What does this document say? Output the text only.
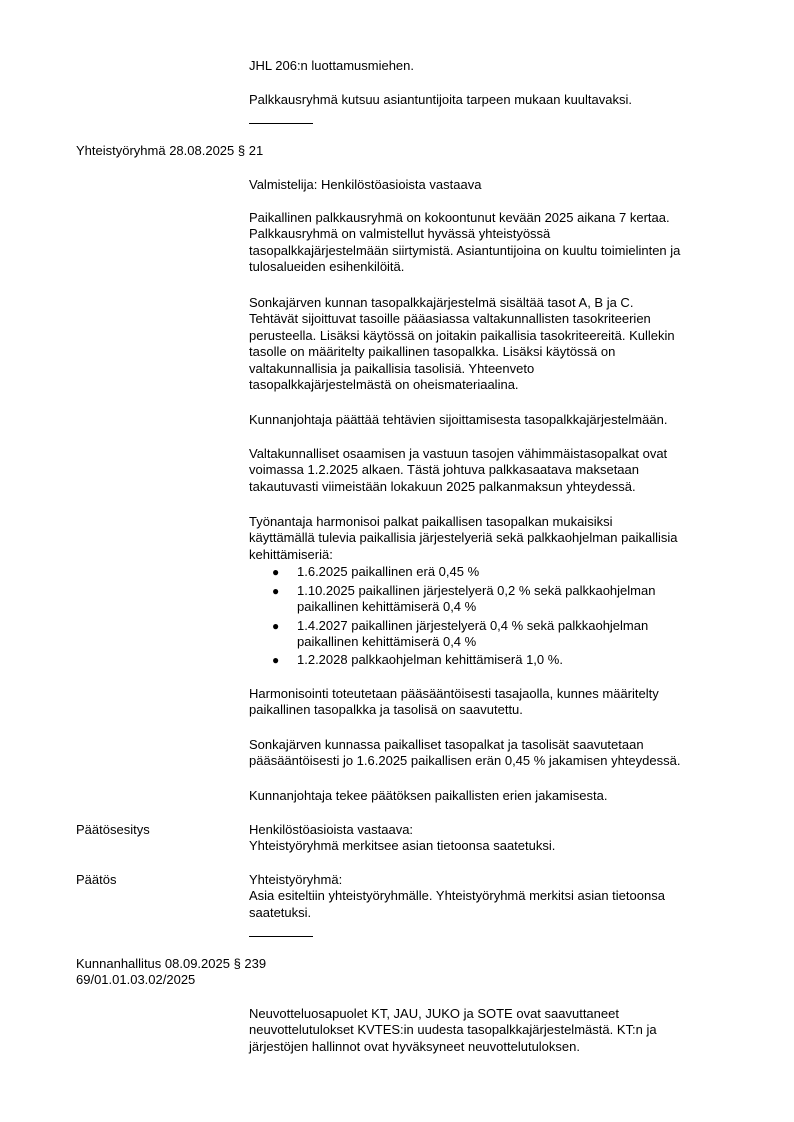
JHL 206:n luottamusmiehen.
Palkkausryhmä kutsuu asiantuntijoita tarpeen mukaan kuultavaksi.
Yhteistyöryhmä 28.08.2025 § 21
Valmistelija: Henkilöstöasioista vastaava
Paikallinen palkkausryhmä on kokoontunut kevään 2025 aikana 7 kertaa.
Palkkausryhmä on valmistellut hyvässä yhteistyössä
tasopalkkajärjestelmään siirtymistä. Asiantuntijoina on kuultu toimielinten ja
tulosalueiden esihenkilöitä.
Sonkajärven kunnan tasopalkkajärjestelmä sisältää tasot A, B ja C.
Tehtävät sijoittuvat tasoille pääasiassa valtakunnallisten tasokriteerien
perusteella. Lisäksi käytössä on joitakin paikallisia tasokriteereitä. Kullekin
tasolle on määritelty paikallinen tasopalkka. Lisäksi käytössä on
valtakunnallisia ja paikallisia tasolisiä. Yhteenveto
tasopalkkajärjestelmästä on oheismateriaalina.
Kunnanjohtaja päättää tehtävien sijoittamisesta tasopalkkajärjestelmään.
Valtakunnalliset osaamisen ja vastuun tasojen vähimmäistasopalkat ovat
voimassa 1.2.2025 alkaen. Tästä johtuva palkkasaatava maksetaan
takautuvasti viimeistään lokakuun 2025 palkanmaksun yhteydessä.
Työnantaja harmonisoi palkat paikallisen tasopalkan mukaisiksi
käyttämällä tulevia paikallisia järjestelyeriä sekä palkkaohjelman paikallisia
kehittämiseriä:
● 1.6.2025 paikallinen erä 0,45 %
● 1.10.2025 paikallinen järjestelyerä 0,2 % sekä palkkaohjelman
paikallinen kehittämiserä 0,4 %
● 1.4.2027 paikallinen järjestelyerä 0,4 % sekä palkkaohjelman
paikallinen kehittämiserä 0,4 %
● 1.2.2028 palkkaohjelman kehittämiserä 1,0 %.
Harmonisointi toteutetaan pääsääntöisesti tasajaolla, kunnes määritelty
paikallinen tasopalkka ja tasolisä on saavutettu.
Sonkajärven kunnassa paikalliset tasopalkat ja tasolisät saavutetaan
pääsääntöisesti jo 1.6.2025 paikallisen erän 0,45 % jakamisen yhteydessä.
Kunnanjohtaja tekee päätöksen paikallisten erien jakamisesta.
Päätösesitys	Henkilöstöasioista vastaava:
Yhteistyöryhmä merkitsee asian tietoonsa saatetuksi.
Päätös	Yhteistyöryhmä:
Asia esiteltiin yhteistyöryhmälle. Yhteistyöryhmä merkitsi asian tietoonsa
saatetuksi.
Kunnanhallitus 08.09.2025 § 239
69/01.01.03.02/2025
Neuvotteluosapuolet KT, JAU, JUKO ja SOTE ovat saavuttaneet
neuvottelutulokset KVTES:in uudesta tasopalkkajärjestelmästä. KT:n ja
järjestöjen hallinnot ovat hyväksyneet neuvottelutuloksen.
